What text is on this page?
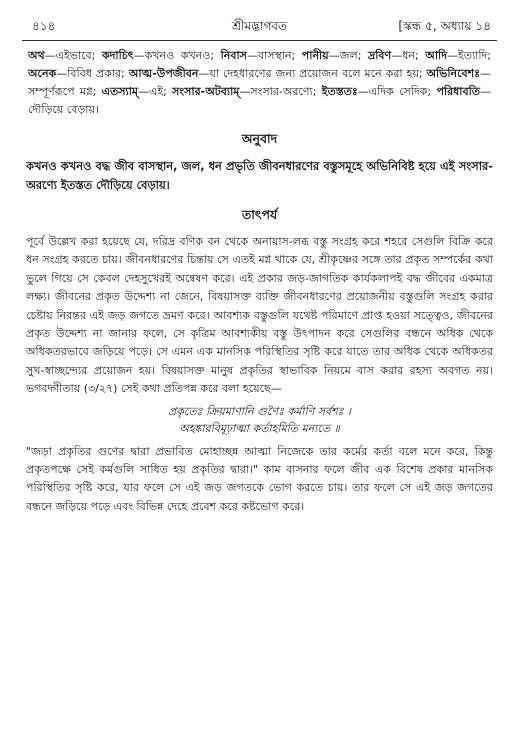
৪১৪	শ্রীমদ্ভাগবত	[স্কন্ধ ৫, অধ্যায় ১৪
অথ—এইভাবে; কদাচিৎ—কখনও কখনও; নিবাস—বাসস্থান; পানীয়—জল; দ্রবিণ—ধন; আদি—ইত্যাদি; অনেক—বিবিধ প্রকার; আত্ম-উপজীবন—যা দেহধারণের জন্য প্রয়োজন বলে মনে করা হয়; অভিনিবেশঃ—সম্পূর্ণরূপে মগ্ন; এতস্যাম্—এই; সংসার-অটব্যাম্—সংসার-অরণ্যে; ইতস্ততঃ—এদিক সেদিক; পরিধাবতি—দৌড়িয়ে বেড়ায়।
অনুবাদ
কখনও কখনও বদ্ধ জীব বাসস্থান, জল, ধন প্রভৃতি জীবনধারণের বস্তুসমূহে অভিনিবিষ্ট হয়ে এই সংসার-অরণ্যে ইতস্তত দৌড়িয়ে বেড়ায়।
তাৎপর্য
পূর্বে উল্লেখ করা হয়েছে যে, দরিদ্র বণিক বন থেকে অনায়াস-লব্ধ বস্তু সংগ্রহ করে শহরে সেগুলি বিক্রি করে ধন সংগ্রহ করতে চায়। জীবনধারণের চিন্তায় সে এতই মগ্ন থাকে যে, শ্রীকৃষ্ণের সঙ্গে তার প্রকৃত সম্পর্কের কথা ভুলে গিয়ে সে কেবল দেহসুখেরই অন্বেষণ করে। এই প্রকার জড়-জাগতিক কার্যকলাপই বদ্ধ জীবের একমাত্র লক্ষ্য। জীবনের প্রকৃত উদ্দেশ্য না জেনে, বিষয়াসক্ত ব্যক্তি জীবনধারণের প্রয়োজনীয় বস্তুগুলি সংগ্রহ করার চেষ্টায় নিরন্তর এই জড় জগতে ভ্রমণ করে। আবশ্যক বস্তুগুলি যথেষ্ট পরিমাণে প্রাপ্ত হওয়া সত্ত্বেও, জীবনের প্রকৃত উদ্দেশ্য না জানার ফলে, সে কৃত্রিম আবশ্যকীয় বস্তু উৎপাদন করে সেগুলির বন্ধনে অধিক থেকে অধিকতরভাবে জড়িয়ে পড়ে। সে এমন এক মানসিক পরিস্থিতির সৃষ্টি করে যাতে তার অধিক থেকে অধিকতর সুখ-স্বাচ্ছন্দ্যের প্রয়োজন হয়। বিষয়াসক্ত মানুষ প্রকৃতির স্বাভাবিক নিয়মে বাস করার রহস্য অবগত নয়। ভগবদ্গীতায় (৩/২৭) সেই কথা প্রতিপন্ন করে বলা হয়েছে—
প্রকৃতেঃ ক্রিয়মাণানি গুণৈঃ কর্মাণি সর্বশঃ ।
অহঙ্কারবিমূঢ়াত্মা কর্তাহমিতি মন্যতে ॥
"জড়া প্রকৃতির গুণের দ্বারা প্রভাবিত মোহাচ্ছন্ন আত্মা নিজেকে তার কর্মের কর্তা বলে মনে করে, কিন্তু প্রকৃতপক্ষে সেই কর্মগুলি সাধিত হয় প্রকৃতির দ্বারা।" কাম বাসনার ফলে জীব এক বিশেষ প্রকার মানসিক পরিস্থিতির সৃষ্টি করে, যার ফলে সে এই জড় জগতকে ভোগ করতে চায়। তার ফলে সে এই জড় জগতের বন্ধনে জড়িয়ে পড়ে এবং বিভিন্ন দেহে প্রবেশ করে কষ্টভোগ করে।
